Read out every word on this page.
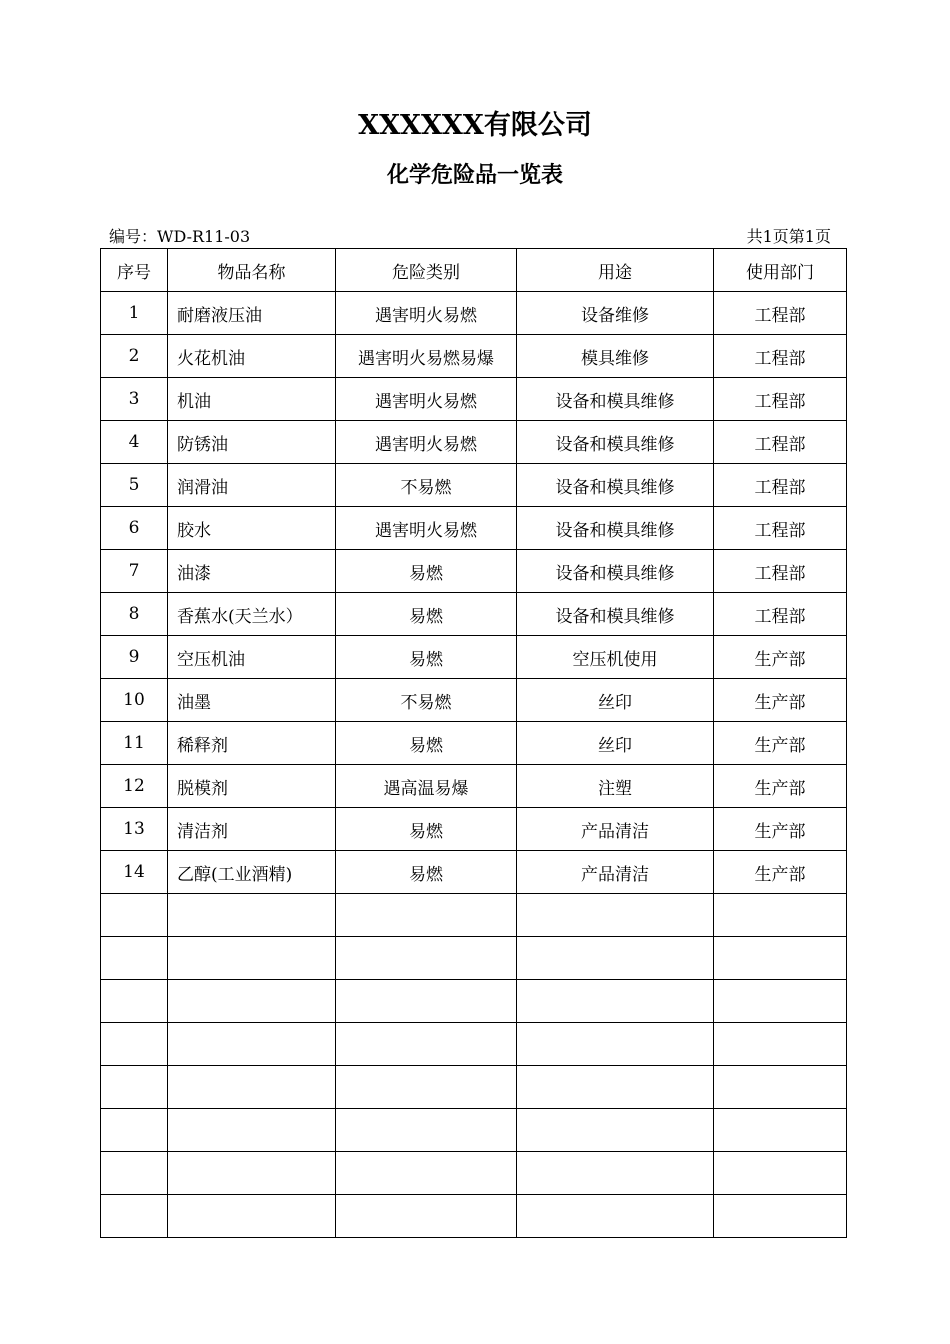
XXXXXX有限公司
化学危险品一览表
编号：WD-R11-03	共1页第1页
序号	物品名称	危险类别	用途	使用部门
1	耐磨液压油	遇害明火易燃	设备维修	工程部
2	火花机油	遇害明火易燃易爆	模具维修	工程部
3	机油	遇害明火易燃	设备和模具维修	工程部
4	防锈油	遇害明火易燃	设备和模具维修	工程部
5	润滑油	不易燃	设备和模具维修	工程部
6	胶水	遇害明火易燃	设备和模具维修	工程部
7	油漆	易燃	设备和模具维修	工程部
8	香蕉水(天兰水）	易燃	设备和模具维修	工程部
9	空压机油	易燃	空压机使用	生产部
10	油墨	不易燃	丝印	生产部
11	稀释剂	易燃	丝印	生产部
12	脱模剂	遇高温易爆	注塑	生产部
13	清洁剂	易燃	产品清洁	生产部
14	乙醇(工业酒精)	易燃	产品清洁	生产部
